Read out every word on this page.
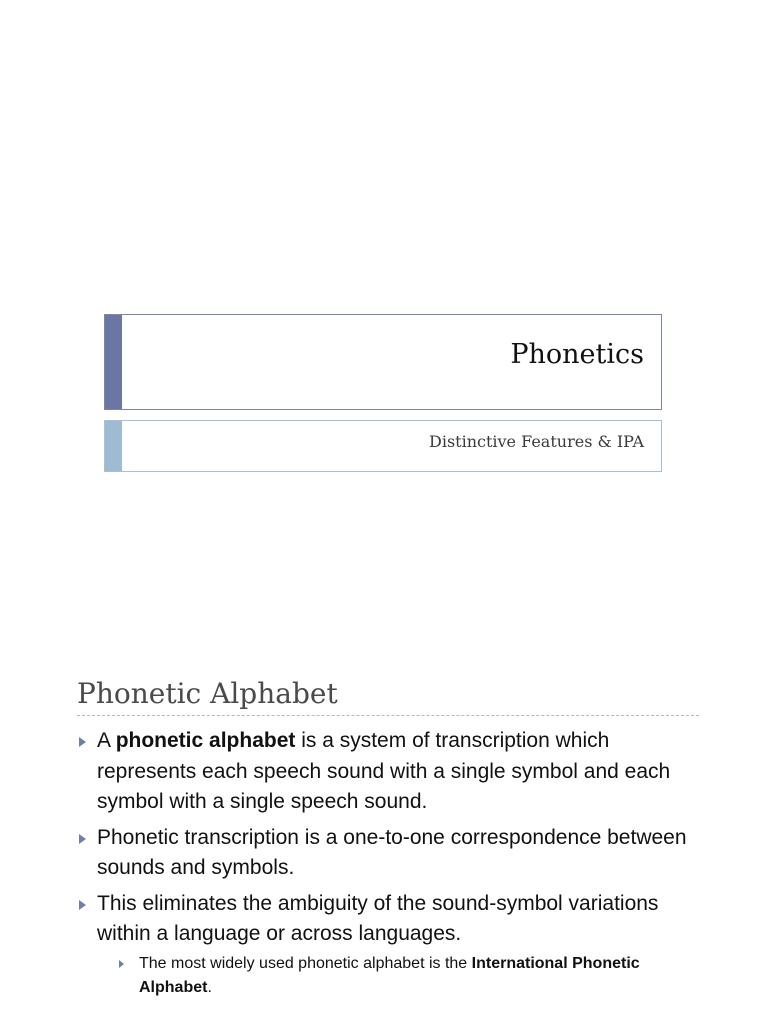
Phonetics
Distinctive Features & IPA
Phonetic Alphabet
A phonetic alphabet is a system of transcription which represents each speech sound with a single symbol and each symbol with a single speech sound.
Phonetic transcription is a one-to-one correspondence between sounds and symbols.
This eliminates the ambiguity of the sound-symbol variations within a language or across languages.
The most widely used phonetic alphabet is the International Phonetic Alphabet.
